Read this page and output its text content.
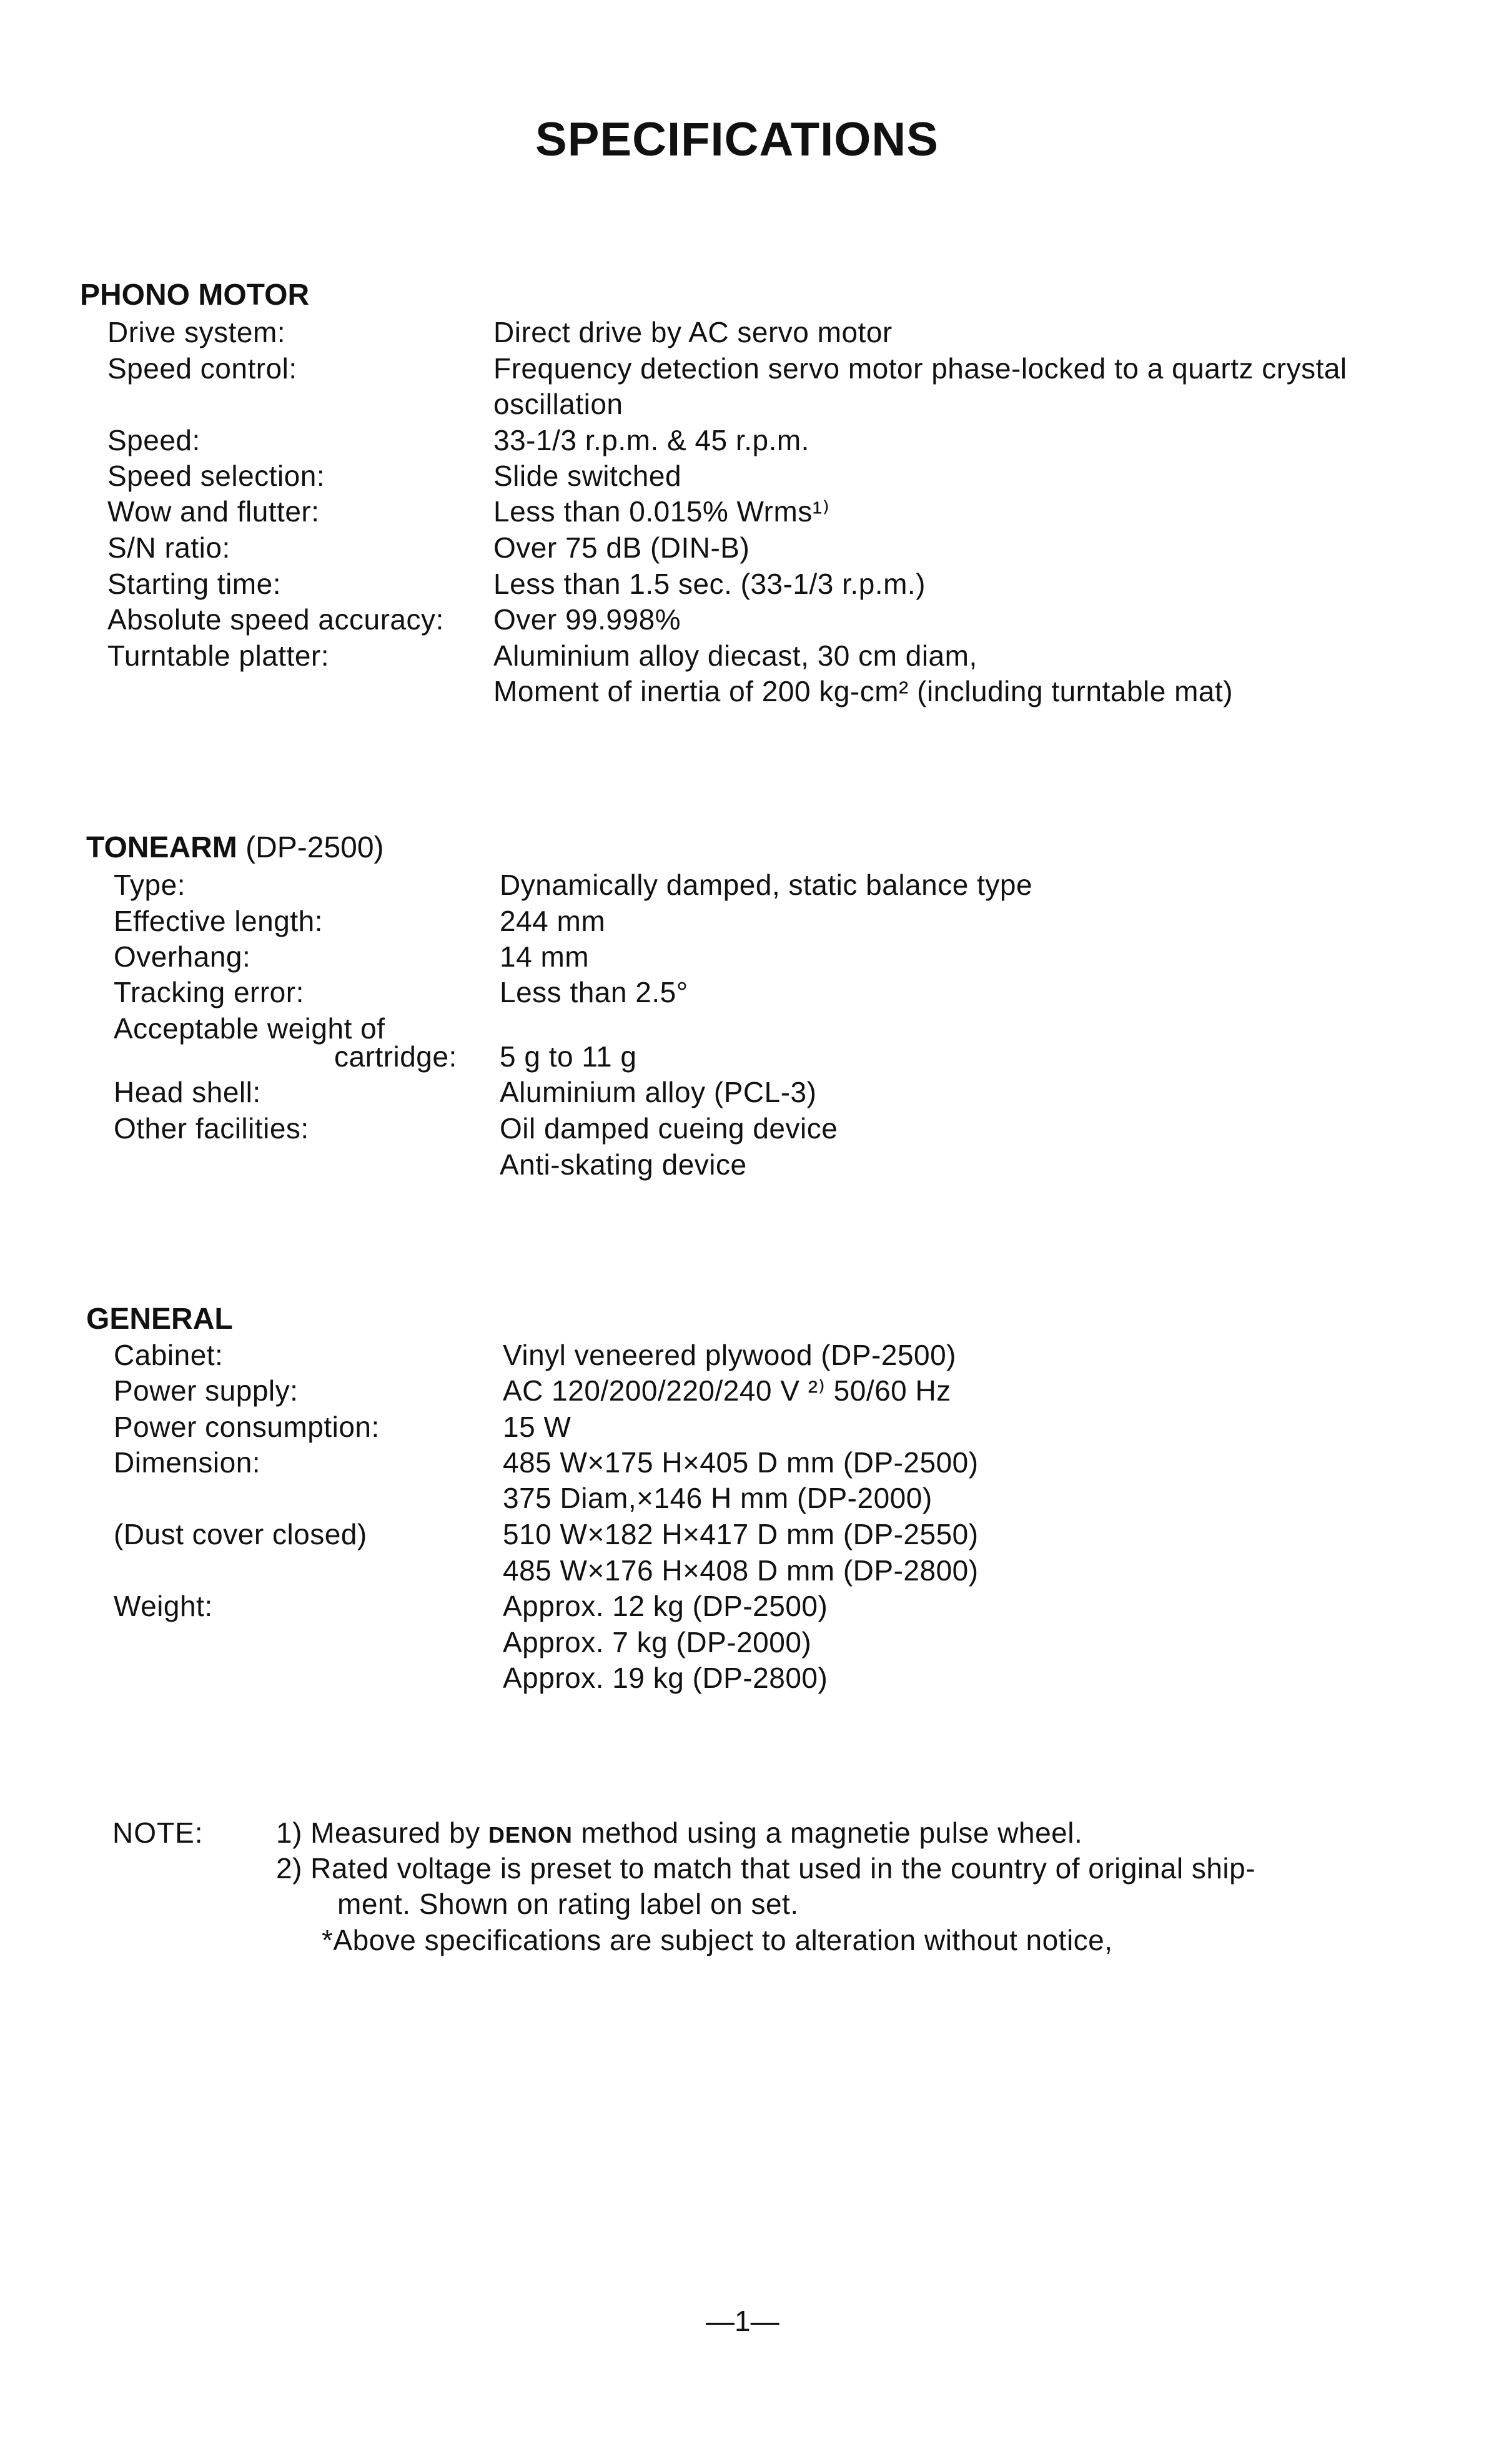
SPECIFICATIONS
PHONO MOTOR
Drive system:
Speed control:
Speed:
Speed selection:
Wow and flutter:
S/N ratio:
Starting time:
Absolute speed accuracy:
Turntable platter:
Direct drive by AC servo motor
Frequency detection servo motor phase-locked to a quartz crystal
oscillation
33-1/3 r.p.m. & 45 r.p.m.
Slide switched
Less than 0.015% Wrms¹⁾
Over 75 dB (DIN-B)
Less than 1.5 sec. (33-1/3 r.p.m.)
Over 99.998%
Aluminium alloy diecast, 30 cm diam,
Moment of inertia of 200 kg-cm² (including turntable mat)
TONEARM (DP-2500)
Type:
Effective length:
Overhang:
Tracking error:
Acceptable weight of
cartridge:
Head shell:
Other facilities:
Dynamically damped, static balance type
244 mm
14 mm
Less than 2.5°
5 g to 11 g
Aluminium alloy (PCL-3)
Oil damped cueing device
Anti-skating device
GENERAL
Cabinet:
Power supply:
Power consumption:
Dimension:
(Dust cover closed)
Weight:
Vinyl veneered plywood (DP-2500)
AC 120/200/220/240 V ²⁾ 50/60 Hz
15 W
485 W×175 H×405 D mm (DP-2500)
375 Diam,×146 H mm (DP-2000)
510 W×182 H×417 D mm (DP-2550)
485 W×176 H×408 D mm (DP-2800)
Approx. 12 kg (DP-2500)
Approx. 7 kg (DP-2000)
Approx. 19 kg (DP-2800)
NOTE:	1) Measured by DENON method using a magnetie pulse wheel.
2) Rated voltage is preset to match that used in the country of original ship-
ment. Shown on rating label on set.
*Above specifications are subject to alteration without notice,
—1—
